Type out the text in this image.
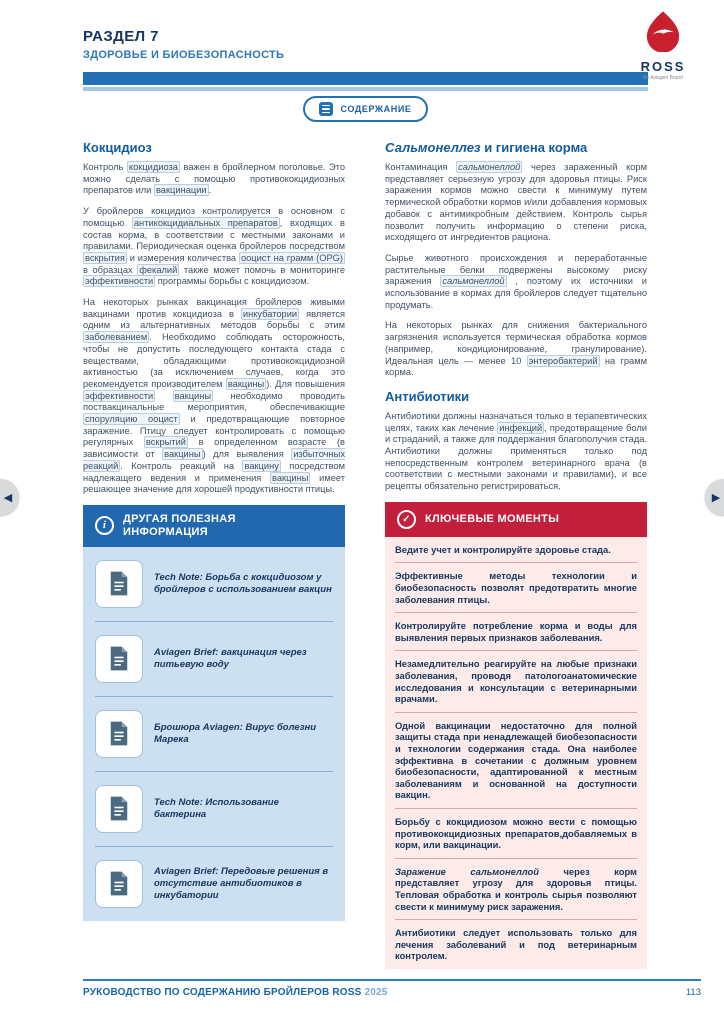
РАЗДЕЛ 7
ЗДОРОВЬЕ И БИОБЕЗОПАСНОСТЬ
ROSS
An Aviagen Brand
СОДЕРЖАНИЕ
Кокцидиоз

Контроль кокцидиоза важен в бройлерном поголовье. Это можно сделать с помощью противококцидиозных препаратов или вакцинации .

У бройлеров кокцидиоз контролируется в основном с помощью антикокцидиальных препаратов , входящих в состав корма, в соответствии с местными законами и правилами. Периодическая оценка бройлеров посредством вскрытия и измерения количества ооцист на грамм (OPG) в образцах фекалий также может помочь в мониторинге эффективности программы борьбы с кокцидиозом.

На некоторых рынках вакцинация бройлеров живыми вакцинами против кокцидиоза в инкубатории является одним из альтернативных методов борьбы с этим заболеванием . Необходимо соблюдать осторожность, чтобы не допустить последующего контакта стада с веществами, обладающими противококцидиозной активностью (за исключением случаев, когда это рекомендуется производителем вакцины ). Для повышения эффективности вакцины необходимо проводить поствакцинальные мероприятия, обеспечивающие споруляцию ооцист и предотвращающие повторное заражение. Птицу следует контролировать с помощью регулярных вскрытий в определенном возрасте (в зависимости от вакцины ) для выявления избыточных реакций . Контроль реакций на вакцину посредством надлежащего ведения и применения вакцины имеет решающее значение для хорошей продуктивности птицы.

i
ДРУГАЯ ПОЛЕЗНАЯ ИНФОРМАЦИЯ
Tech Note: Борьба с кокцидиозом у бройлеров с использованием вакцин
Aviagen Brief: вакцинация через питьевую воду
Брошюра Aviagen: Вирус болезни Марека
Tech Note: Использование бактерина
Aviagen Brief: Передовые решения в отсутствие антибиотиков в инкубатории
Сальмонеллез и гигиена корма

Контаминация сальмонеллой через зараженный корм представляет серьезную угрозу для здоровья птицы. Риск заражения кормов можно свести к минимуму путем термической обработки кормов и/или добавления кормовых добавок с антимикробным действием. Контроль сырья позволит получить информацию о степени риска, исходящего от ингредиентов рациона.

Сырье животного происхождения и переработанные растительные белки подвержены высокому риску заражения сальмонеллой , поэтому их источники и использование в кормах для бройлеров следует тщательно продумать.

На некоторых рынках для снижения бактериального загрязнения используется термическая обработка кормов (например, кондиционирование, гранулирование). Идеальная цель — менее 10 энтеробактерий на грамм корма.

Антибиотики

Антибиотики должны назначаться только в терапевтических целях, таких как лечение инфекций , предотвращение боли и страданий, а также для поддержания благополучия стада. Антибиотики должны применяться только под непосредственным контролем ветеринарного врача (в соответствии с местными законами и правилами), и все рецепты обязательно регистрироваться.

✓	КЛЮЧЕВЫЕ МОМЕНТЫ
Ведите учет и контролируйте здоровье стада.
Эффективные методы технологии и биобезопасность позволят предотвратить многие заболевания птицы.
Контролируйте потребление корма и воды для выявления первых признаков заболевания.
Незамедлительно реагируйте на любые признаки заболевания, проводя патологоанатомические исследования и консультации с ветеринарными врачами.
Одной вакцинации недостаточно для полной защиты стада при ненадлежащей биобезопасности и технологии содержания стада. Она наиболее эффективна в сочетании с должным уровнем биобезопасности, адаптированной к местным заболеваниям и основанной на доступности вакцин.
Борьбу с кокцидиозом можно вести с помощью противококцидиозных препаратов,добавляемых в корм, или вакцинации.
Заражение сальмонеллой через корм представляет угрозу для здоровья птицы. Тепловая обработка и контроль сырья позволяют свести к минимуму риск заражения.
Антибиотики следует использовать только для лечения заболеваний и под ветеринарным контролем.
◀	▶
РУКОВОДСТВО ПО СОДЕРЖАНИЮ БРОЙЛЕРОВ ROSS 2025	113
